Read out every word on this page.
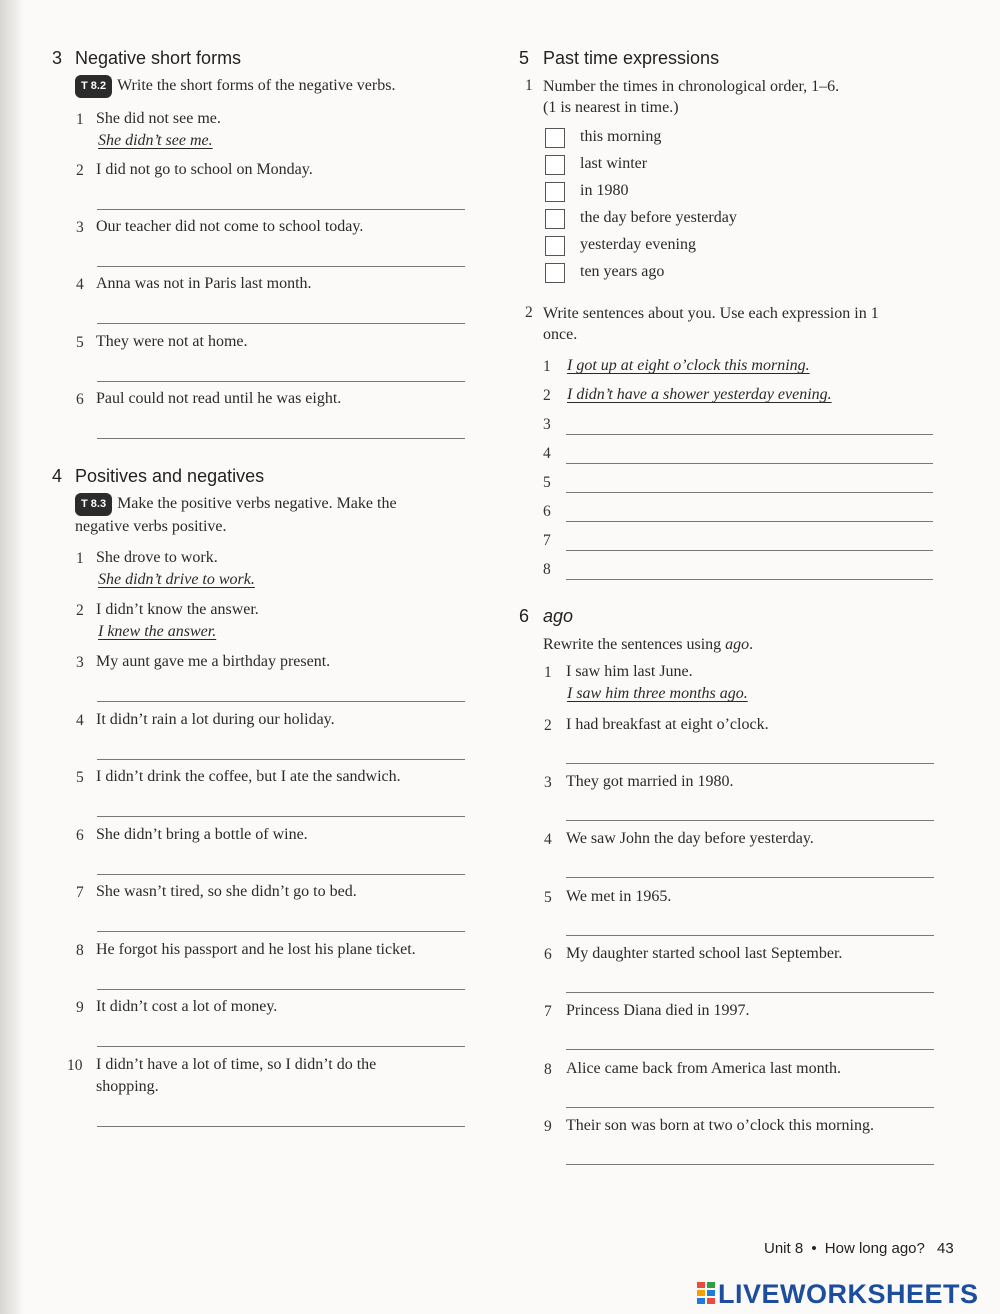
3 Negative short forms
T 8.2 Write the short forms of the negative verbs.
1 She did not see me.
She didn’t see me.
2 I did not go to school on Monday.
3 Our teacher did not come to school today.
4 Anna was not in Paris last month.
5 They were not at home.
6 Paul could not read until he was eight.
4 Positives and negatives
T 8.3 Make the positive verbs negative. Make the
negative verbs positive.
1 She drove to work.
She didn’t drive to work.
2 I didn’t know the answer.
I knew the answer.
3 My aunt gave me a birthday present.
4 It didn’t rain a lot during our holiday.
5 I didn’t drink the coffee, but I ate the sandwich.
6 She didn’t bring a bottle of wine.
7 She wasn’t tired, so she didn’t go to bed.
8 He forgot his passport and he lost his plane ticket.
9 It didn’t cost a lot of money.
10 I didn’t have a lot of time, so I didn’t do the
shopping.
5 Past time expressions
1 Number the times in chronological order, 1–6.
(1 is nearest in time.)
this morning
last winter
in 1980
the day before yesterday
yesterday evening
ten years ago
2 Write sentences about you. Use each expression in 1
once.
1 I got up at eight o’clock this morning.
2 I didn’t have a shower yesterday evening.
3
4
5
6
7
8
6 ago
Rewrite the sentences using ago.
1 I saw him last June.
I saw him three months ago.
2 I had breakfast at eight o’clock.
3 They got married in 1980.
4 We saw John the day before yesterday.
5 We met in 1965.
6 My daughter started school last September.
7 Princess Diana died in 1997.
8 Alice came back from America last month.
9 Their son was born at two o’clock this morning.
Unit 8 • How long ago? 43
LIVEWORKSHEETS
